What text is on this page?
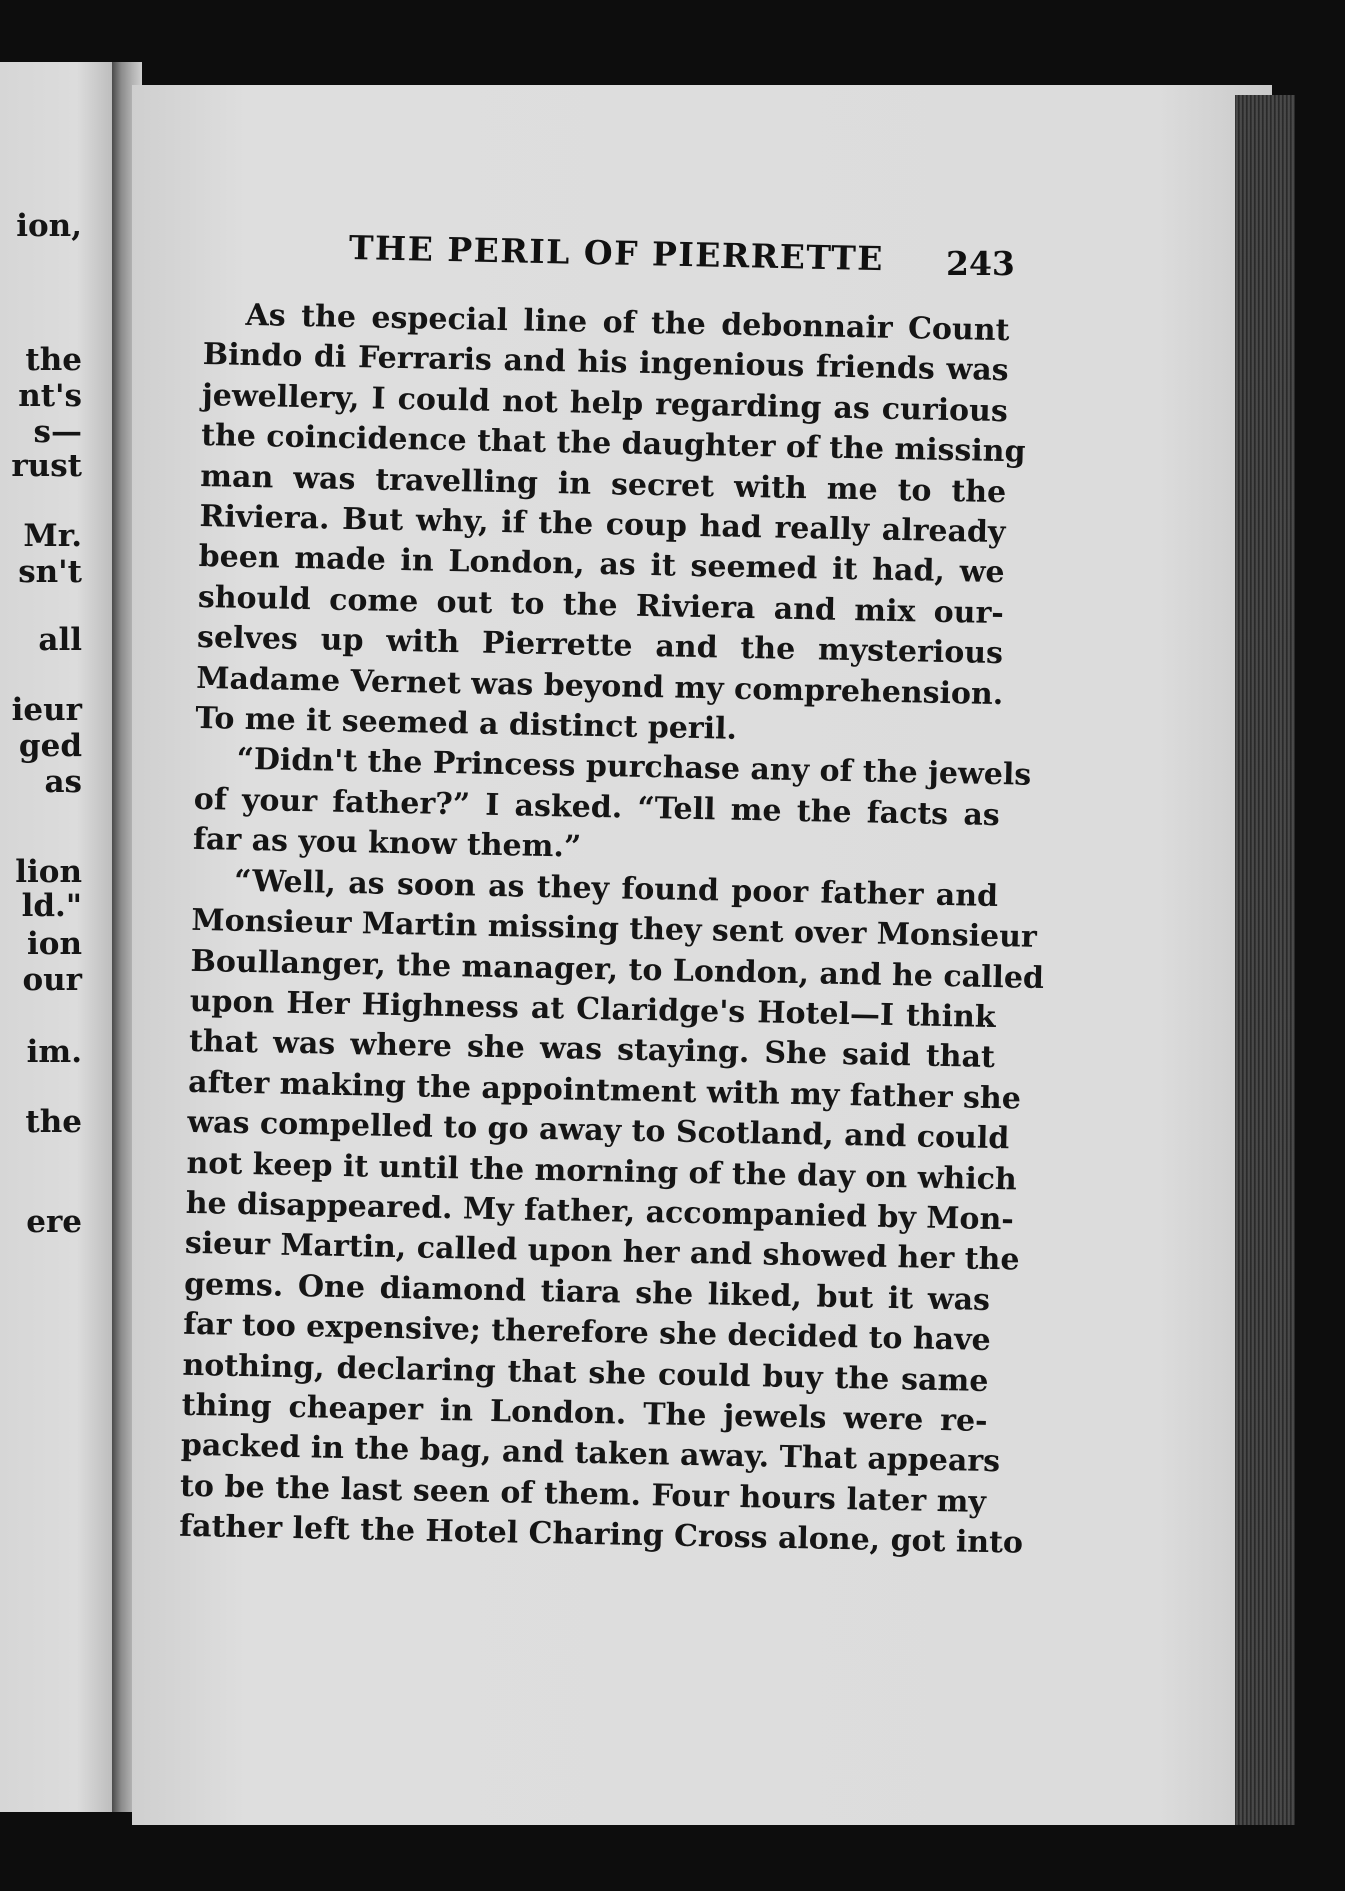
ion,
the
nt's
s—
rust
Mr.
sn't
all
ieur
ged
as
lion
ld."
ion
our
im.
the
ere
THE PERIL OF PIERRETTE 243
As the especial line of the debonnair Count
Bindo di Ferraris and his ingenious friends was
jewellery, I could not help regarding as curious
the coincidence that the daughter of the missing
man was travelling in secret with me to the
Riviera. But why, if the coup had really already
been made in London, as it seemed it had, we
should come out to the Riviera and mix our-
selves up with Pierrette and the mysterious
Madame Vernet was beyond my comprehension.
To me it seemed a distinct peril.
“Didn't the Princess purchase any of the jewels
of your father?” I asked. “Tell me the facts as
far as you know them.”
“Well, as soon as they found poor father and
Monsieur Martin missing they sent over Monsieur
Boullanger, the manager, to London, and he called
upon Her Highness at Claridge's Hotel—I think
that was where she was staying. She said that
after making the appointment with my father she
was compelled to go away to Scotland, and could
not keep it until the morning of the day on which
he disappeared. My father, accompanied by Mon-
sieur Martin, called upon her and showed her the
gems. One diamond tiara she liked, but it was
far too expensive; therefore she decided to have
nothing, declaring that she could buy the same
thing cheaper in London. The jewels were re-
packed in the bag, and taken away. That appears
to be the last seen of them. Four hours later my
father left the Hotel Charing Cross alone, got into
